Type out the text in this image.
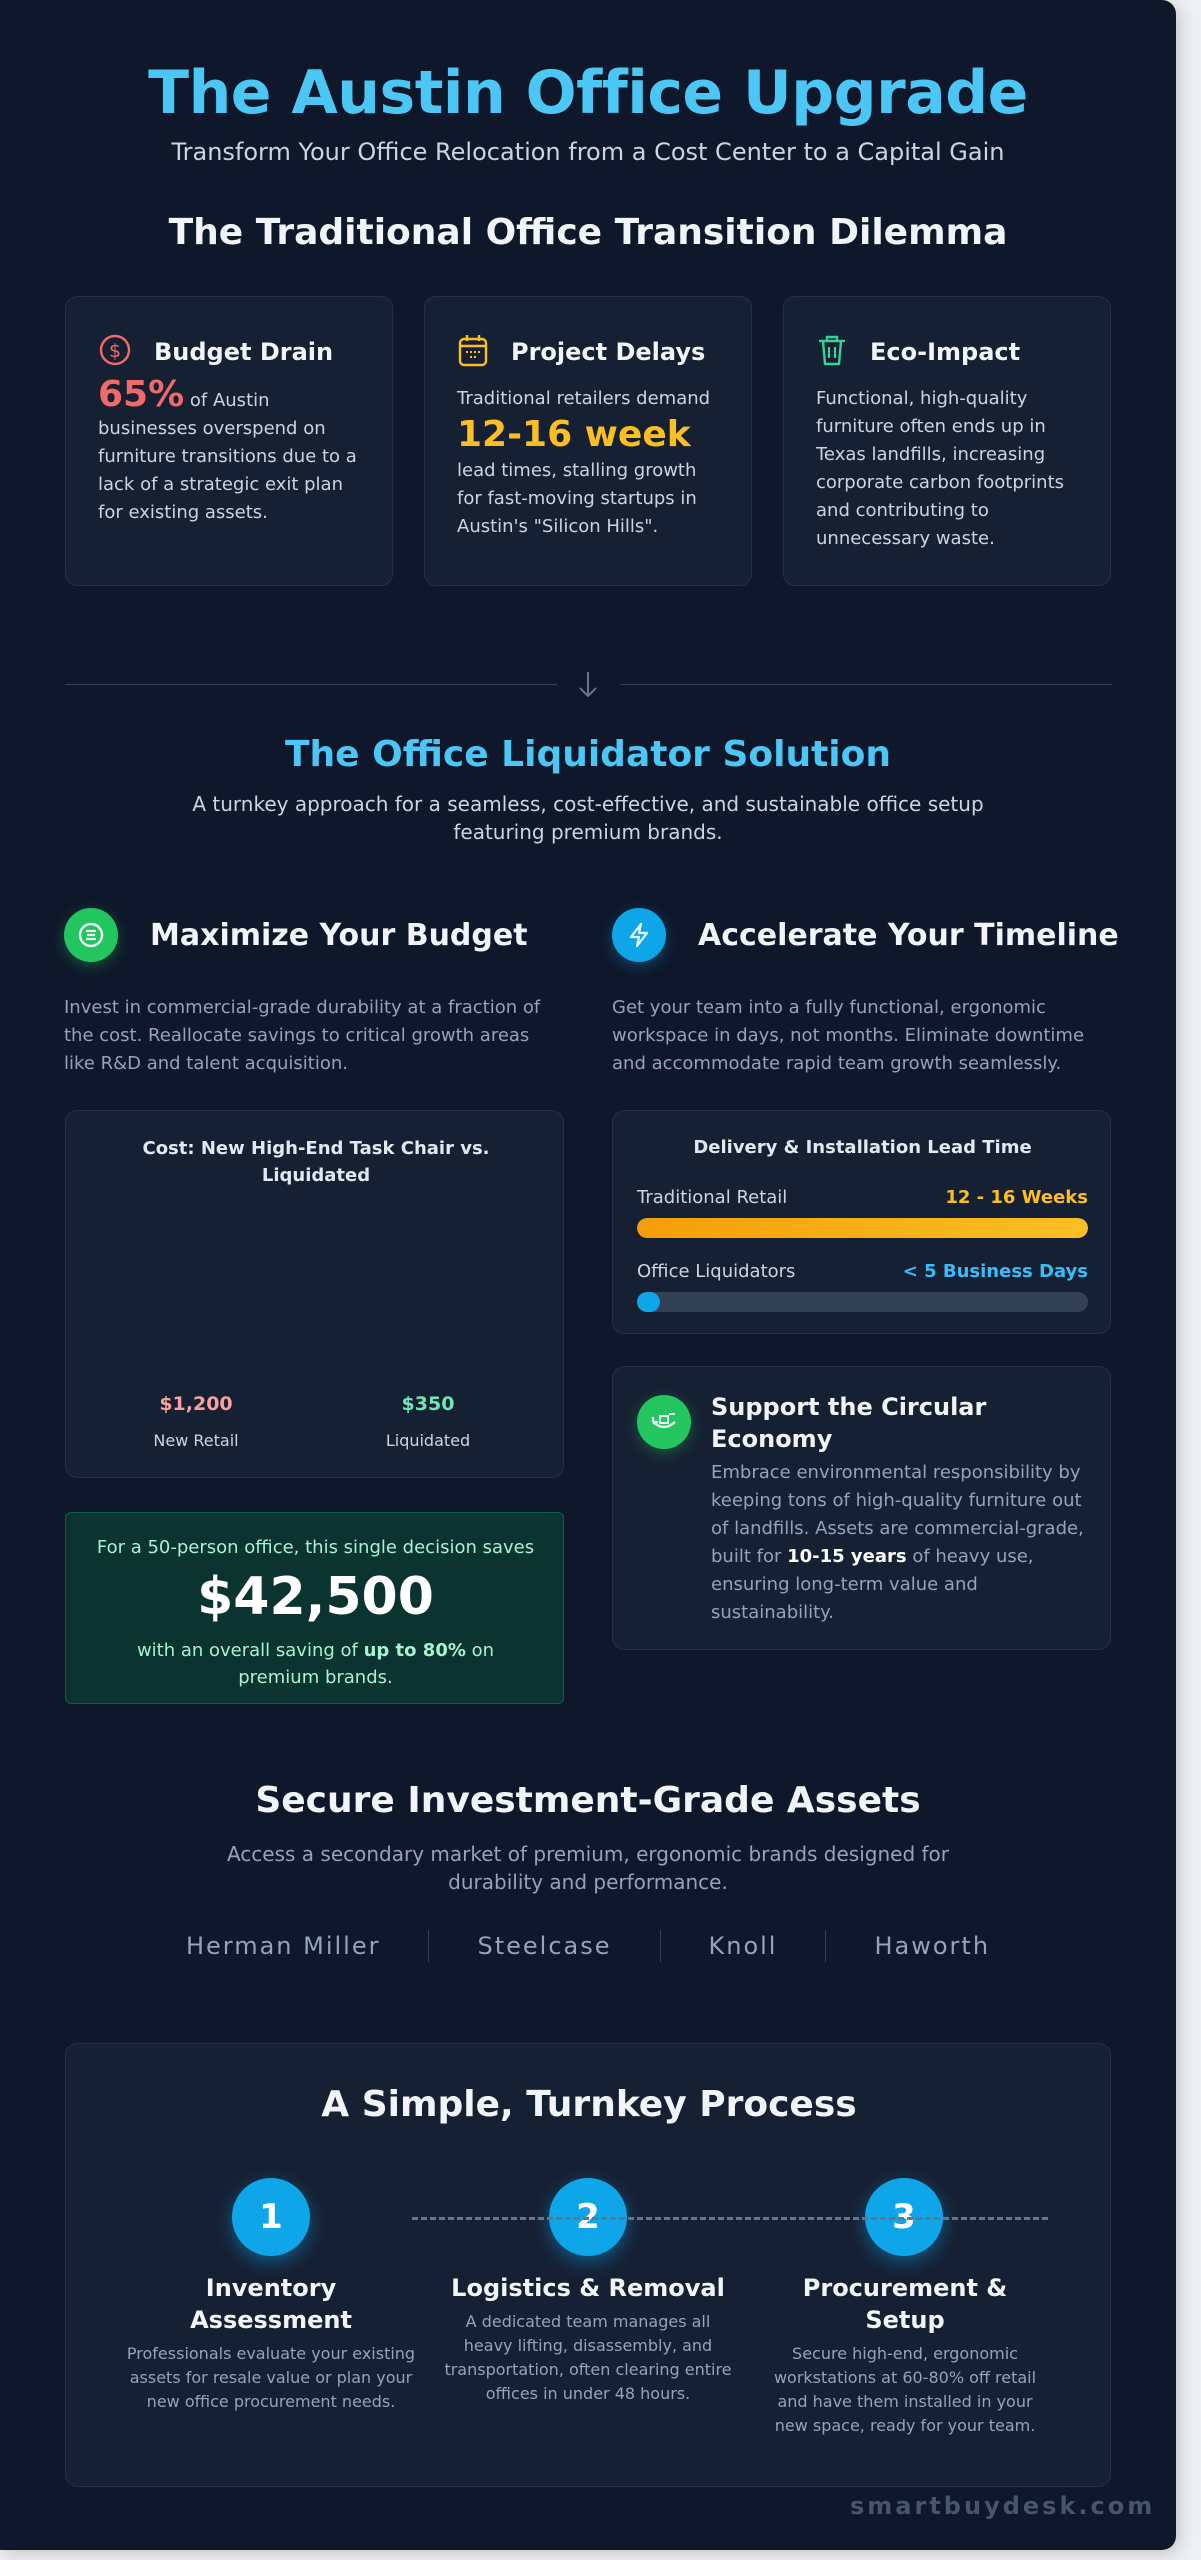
The Austin Office Upgrade
Transform Your Office Relocation from a Cost Center to a Capital Gain
The Traditional Office Transition Dilemma
$ Budget Drain
65% of Austin businesses overspend on furniture transitions due to a lack of a strategic exit plan for existing assets.
Project Delays
Traditional retailers demand
12-16 week
lead times, stalling growth for fast-moving startups in Austin's "Silicon Hills".
Eco-Impact
Functional, high-quality furniture often ends up in Texas landfills, increasing corporate carbon footprints and contributing to unnecessary waste.
The Office Liquidator Solution
A turnkey approach for a seamless, cost-effective, and sustainable office setup featuring premium brands.
Maximize Your Budget
Invest in commercial-grade durability at a fraction of the cost. Reallocate savings to critical growth areas like R&D and talent acquisition.
Cost: New High-End Task Chair vs. Liquidated
$1,200
New Retail
$350
Liquidated
For a 50-person office, this single decision saves
$42,500
with an overall saving of up to 80% on premium brands.
Accelerate Your Timeline
Get your team into a fully functional, ergonomic workspace in days, not months. Eliminate downtime and accommodate rapid team growth seamlessly.
Delivery & Installation Lead Time
Traditional Retail	12 - 16 Weeks
Office Liquidators	< 5 Business Days
Support the Circular Economy
Embrace environmental responsibility by keeping tons of high-quality furniture out of landfills. Assets are commercial-grade, built for 10-15 years of heavy use, ensuring long-term value and sustainability.
Secure Investment-Grade Assets
Access a secondary market of premium, ergonomic brands designed for durability and performance.
Herman Miller	Steelcase	Knoll	Haworth
A Simple, Turnkey Process
1	2	3
Inventory Assessment
Professionals evaluate your existing assets for resale value or plan your new office procurement needs.
Logistics & Removal
A dedicated team manages all heavy lifting, disassembly, and transportation, often clearing entire offices in under 48 hours.
Procurement & Setup
Secure high-end, ergonomic workstations at 60-80% off retail and have them installed in your new space, ready for your team.
smartbuydesk.com
